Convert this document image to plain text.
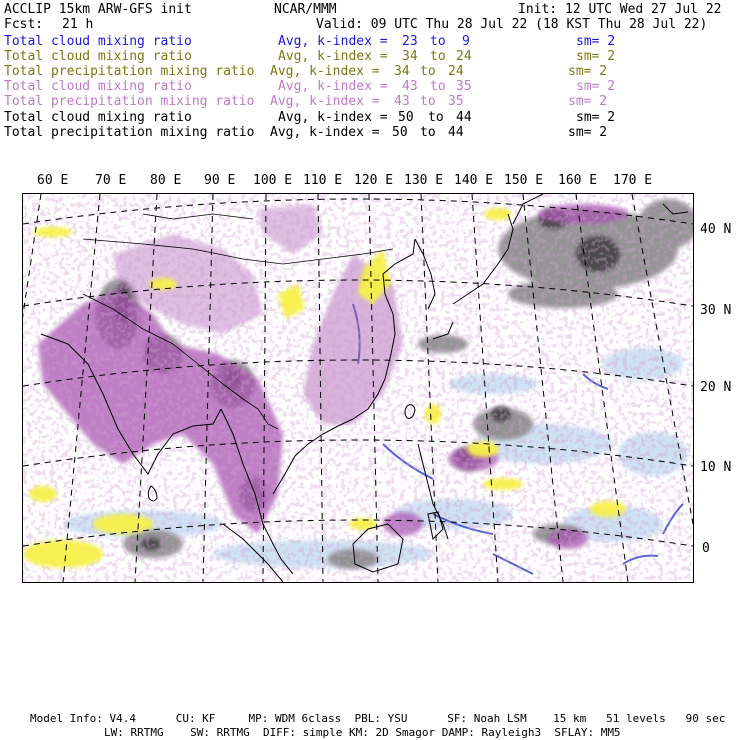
ACCLIP 15km ARW-GFS init	NCAR/MMM	Init: 12 UTC Wed 27 Jul 22
Fcst: 21 h	Valid: 09 UTC Thu 28 Jul 22 (18 KST Thu 28 Jul 22)
Total cloud mixing ratio	Avg, k-index = 23 to 9	sm= 2
Total cloud mixing ratio	Avg, k-index = 34 to 24	sm= 2
Total precipitation mixing ratio Avg, k-index = 34 to 24	sm= 2
Total cloud mixing ratio	Avg, k-index = 43 to 35	sm= 2
Total precipitation mixing ratio Avg, k-index = 43 to 35	sm= 2
Total cloud mixing ratio	Avg, k-index = 50 to 44	sm= 2
Total precipitation mixing ratio Avg, k-index = 50 to 44	sm= 2
60 E 70 E 80 E 90 E 100 E 110 E 120 E 130 E 140 E 150 E 160 E 170 E
40 N
30 N
20 N
10 N
0
Model Info: V4.4      CU: KF     MP: WDM 6class  PBL: YSU      SF: Noah LSM    15 km   51 levels   90 sec
LW: RRTMG    SW: RRTMG  DIFF: simple KM: 2D Smagor DAMP: Rayleigh3  SFLAY: MM5
